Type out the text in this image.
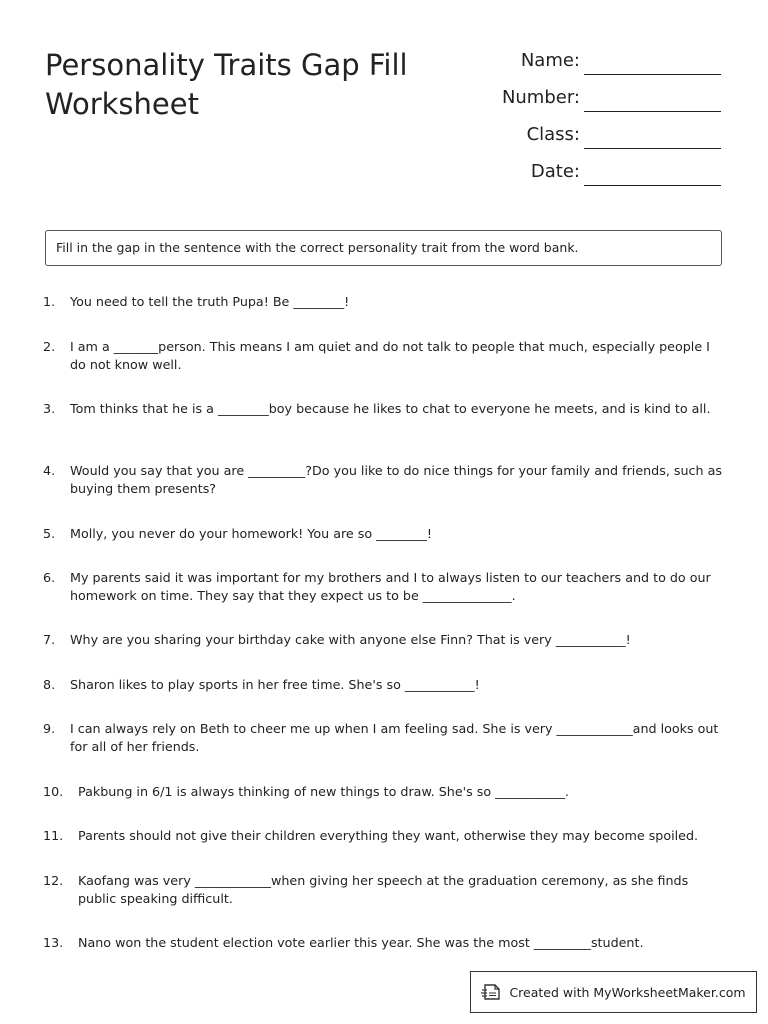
Personality Traits Gap Fill Worksheet
Name:
Number:
Class:
Date:
Fill in the gap in the sentence with the correct personality trait from the word bank.
1.	You need to tell the truth Pupa! Be ________!
2.	I am a _______person. This means I am quiet and do not talk to people that much, especially people I do not know well.
3.	Tom thinks that he is a ________boy because he likes to chat to everyone he meets, and is kind to all.
4.	Would you say that you are _________?Do you like to do nice things for your family and friends, such as buying them presents?
5.	Molly, you never do your homework! You are so ________!
6.	My parents said it was important for my brothers and I to always listen to our teachers and to do our homework on time. They say that they expect us to be ______________.
7.	Why are you sharing your birthday cake with anyone else Finn? That is very ___________!
8.	Sharon likes to play sports in her free time. She's so ___________!
9.	I can always rely on Beth to cheer me up when I am feeling sad. She is very ____________and looks out for all of her friends.
10.	Pakbung in 6/1 is always thinking of new things to draw. She's so ___________.
11.	Parents should not give their children everything they want, otherwise they may become spoiled.
12.	Kaofang was very ____________when giving her speech at the graduation ceremony, as she finds public speaking difficult.
13.	Nano won the student election vote earlier this year. She was the most _________student.
Created with MyWorksheetMaker.com
